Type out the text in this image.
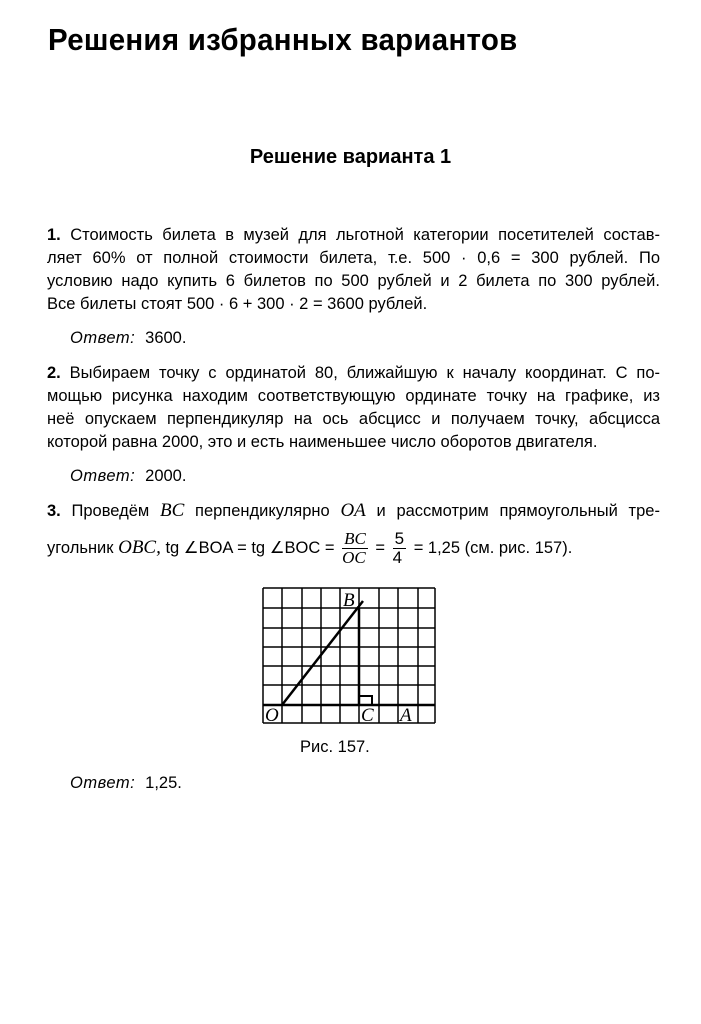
Решения избранных вариантов
Решение варианта 1
1. Стоимость билета в музей для льготной категории посетителей состав-
ляет 60% от полной стоимости билета, т.е. 500 · 0,6 = 300 рублей. По
условию надо купить 6 билетов по 500 рублей и 2 билета по 300 рублей.
Все билеты стоят 500 · 6 + 300 · 2 = 3600 рублей.
Ответ: 3600.
2. Выбираем точку с ординатой 80, ближайшую к началу координат. С по-
мощью рисунка находим соответствующую ординате точку на графике, из
неё опускаем перпендикуляр на ось абсцисс и получаем точку, абсцисса
которой равна 2000, это и есть наименьшее число оборотов двигателя.
Ответ: 2000.
3. Проведём BC перпендикулярно OA и рассмотрим прямоугольный тре-
угольник OBC, tg ∠BOA = tg ∠BOC = $\frac{BC}{OC} = \frac{5}{4} = 1,25$ (см. рис. 157).
O
B
C A
Рис. 157.
Ответ: 1,25.
